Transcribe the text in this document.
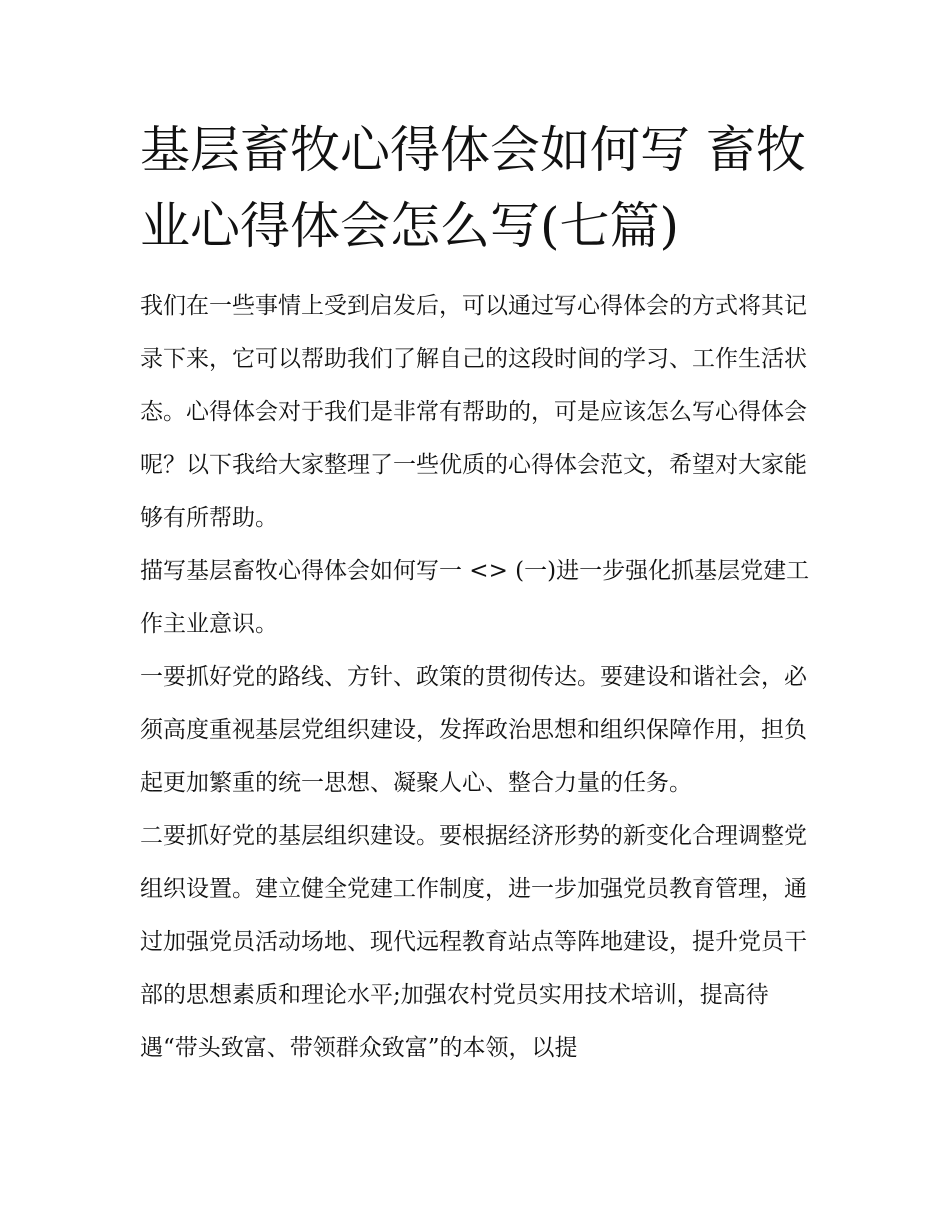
基层畜牧心得体会如何写 畜牧业心得体会怎么写(七篇)

我们在一些事情上受到启发后，可以通过写心得体会的方式将其记录下来，它可以帮助我们了解自己的这段时间的学习、工作生活状态。心得体会对于我们是非常有帮助的，可是应该怎么写心得体会呢？以下我给大家整理了一些优质的心得体会范文，希望对大家能够有所帮助。

描写基层畜牧心得体会如何写一 <> (一)进一步强化抓基层党建工作主业意识。

一要抓好党的路线、方针、政策的贯彻传达。要建设和谐社会，必须高度重视基层党组织建设，发挥政治思想和组织保障作用，担负起更加繁重的统一思想、凝聚人心、整合力量的任务。

二要抓好党的基层组织建设。要根据经济形势的新变化合理调整党组织设置。建立健全党建工作制度，进一步加强党员教育管理，通过加强党员活动场地、现代远程教育站点等阵地建设，提升党员干部的思想素质和理论水平;加强农村党员实用技术培训，提高待遇“带头致富、带领群众致富”的本领，以提
